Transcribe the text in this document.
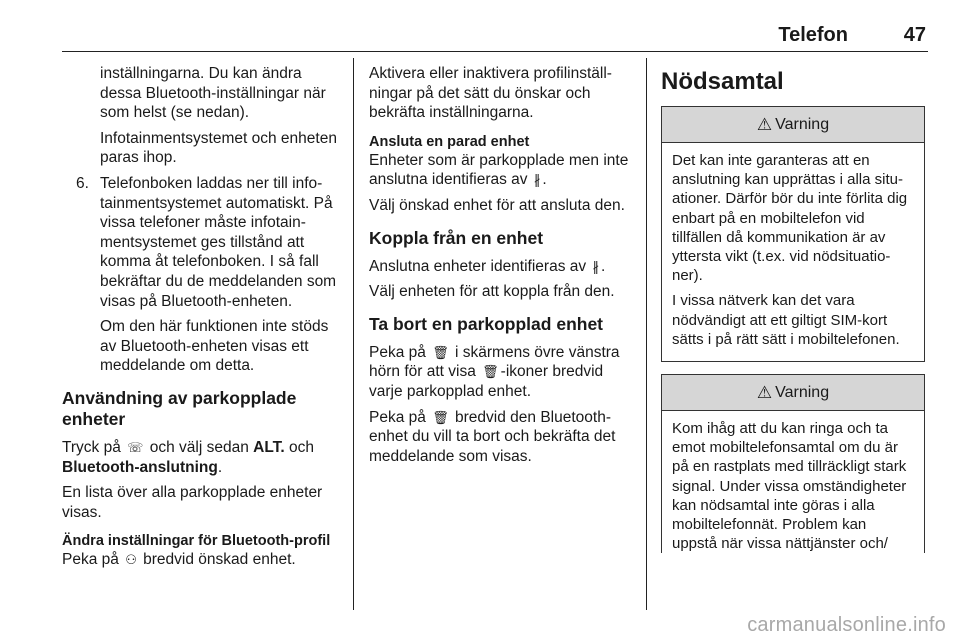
Telefon	47

inställningarna. Du kan ändra dessa Bluetooth-inställningar när som helst (se nedan).

Infotainmentsystemet och enheten paras ihop.

6. Telefonboken laddas ner till infotainmentsystemet automatiskt. På vissa telefoner måste infotainmentsystemet ges tillstånd att komma åt telefonboken. I så fall bekräftar du de meddelanden som visas på Bluetooth-enheten.

Om den här funktionen inte stöds av Bluetooth-enheten visas ett meddelande om detta.

Användning av parkopplade enheter

Tryck på ☏ och välj sedan ALT. och
Bluetooth-anslutning.

En lista över alla parkopplade enheter visas.

Ändra inställningar för Bluetooth-profil

Peka på ⚇ bredvid önskad enhet.

Aktivera eller inaktivera profilinställningar på det sätt du önskar och bekräfta inställningarna.

Ansluta en parad enhet

Enheter som är parkopplade men inte anslutna identifieras av ∦ .

Välj önskad enhet för att ansluta den.

Koppla från en enhet

Anslutna enheter identifieras av ∦ .

Välj enheten för att koppla från den.

Ta bort en parkopplad enhet

Peka på 🗑 i skärmens övre vänstra hörn för att visa 🗑 -ikoner bredvid varje parkopplad enhet.

Peka på 🗑 bredvid den Bluetooth-enhet du vill ta bort och bekräfta det meddelande som visas.

Nödsamtal
⚠ Varning

Det kan inte garanteras att en anslutning kan upprättas i alla situationer. Därför bör du inte förlita dig enbart på en mobiltelefon vid tillfällen då kommunikation är av yttersta vikt (t.ex. vid nödsituationer).

I vissa nätverk kan det vara nödvändigt att ett giltigt SIM-kort sätts i på rätt sätt i mobiltelefonen.

⚠ Varning

Kom ihåg att du kan ringa och ta emot mobiltelefonsamtal om du är på en rastplats med tillräckligt stark signal. Under vissa omständigheter kan nödsamtal inte göras i alla mobiltelefonnät. Problem kan uppstå när vissa nättjänster och/

carmanualsonline.info
